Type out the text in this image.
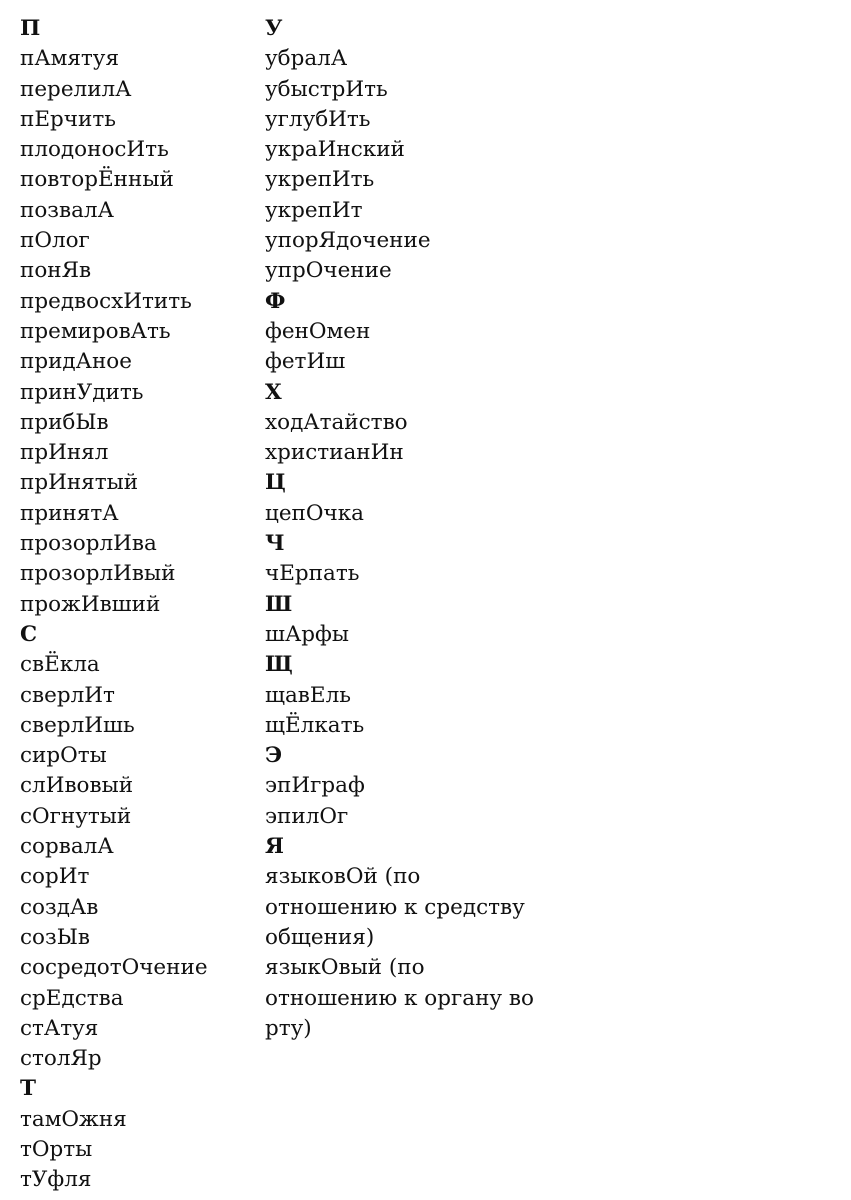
П
пАмятуя
перелилА
пЕрчить
плодоносИть
повторЁнный
позвалА
пОлог
понЯв
предвосхИтить
премировАть
придАное
принУдить
прибЫв
прИнял
прИнятый
принятА
прозорлИва
прозорлИвый
прожИвший
С
свЁкла
сверлИт
сверлИшь
сирОты
слИвовый
сОгнутый
сорвалА
сорИт
создАв
созЫв
сосредотОчение
срЕдства
стАтуя
столЯр
Т
тамОжня
тОрты
тУфля
У
убралА
убыстрИть
углубИть
украИнский
укрепИть
укрепИт
упорЯдочение
упрОчение
Ф
фенОмен
фетИш
Х
ходАтайство
христианИн
Ц
цепОчка
Ч
чЕрпать
Ш
шАрфы
Щ
щавЕль
щЁлкать
Э
эпИграф
эпилОг
Я
языковОй (по
отношению к средству
общения)
языкОвый (по
отношению к органу во
рту)
